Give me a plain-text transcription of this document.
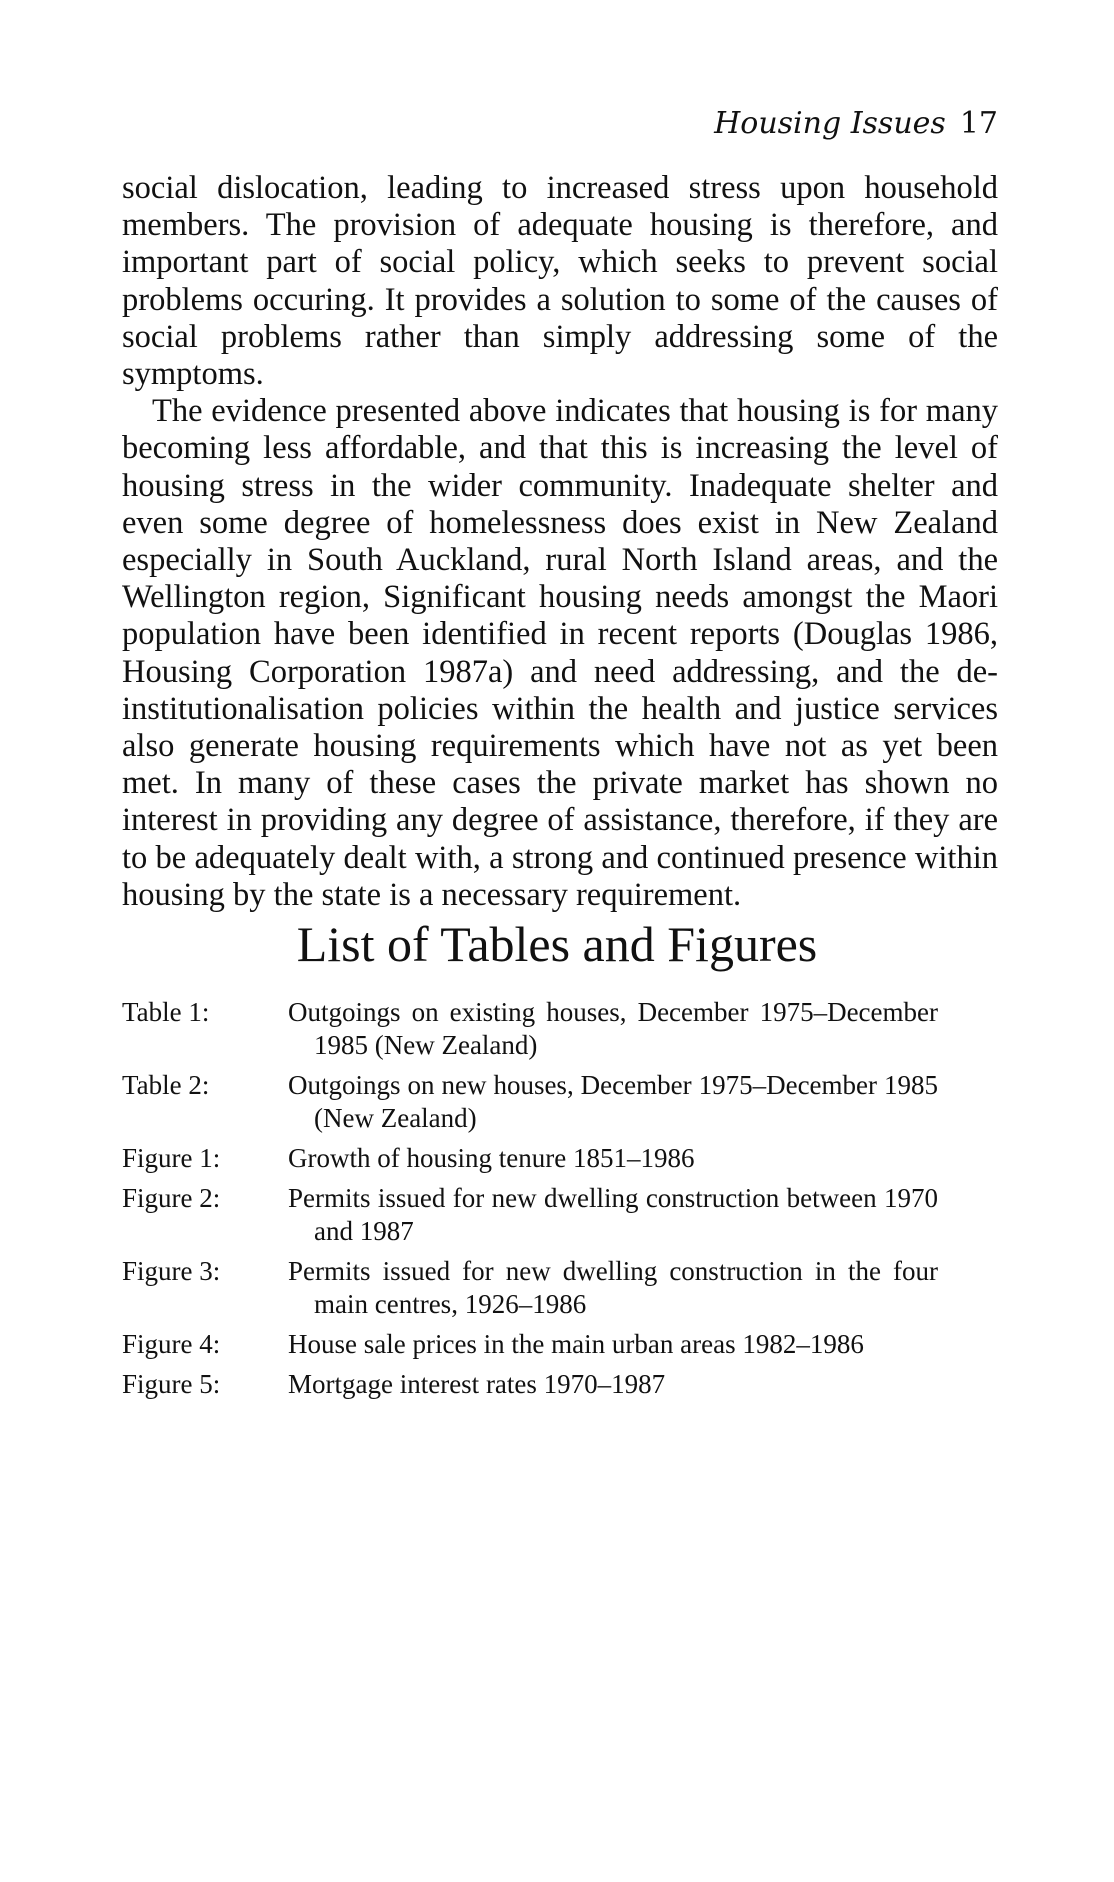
Housing Issues 17

social dislocation, leading to increased stress upon household members. The provision of adequate housing is therefore, and important part of social policy, which seeks to prevent social problems occuring. It provides a solution to some of the causes of social problems rather than simply addressing some of the symptoms.

The evidence presented above indicates that housing is for many becoming less affordable, and that this is increasing the level of housing stress in the wider community. Inadequate shelter and even some degree of homelessness does exist in New Zealand especially in South Auckland, rural North Island areas, and the Wellington region, Significant housing needs amongst the Maori population have been identified in recent reports (Douglas 1986, Housing Corporation 1987a) and need addressing, and the deinstitutionalisation policies within the health and justice services also generate housing requirements which have not as yet been met. In many of these cases the private market has shown no interest in providing any degree of assistance, therefore, if they are to be adequately dealt with, a strong and continued presence within housing by the state is a necessary requirement.

List of Tables and Figures
Table 1:	Outgoings on existing houses, December 1975–December 1985 (New Zealand)
Table 2:	Outgoings on new houses, December 1975–December 1985 (New Zealand)
Figure 1:	Growth of housing tenure 1851–1986
Figure 2:	Permits issued for new dwelling construction between 1970 and 1987
Figure 3:	Permits issued for new dwelling construction in the four main centres, 1926–1986
Figure 4:	House sale prices in the main urban areas 1982–1986
Figure 5:	Mortgage interest rates 1970–1987
